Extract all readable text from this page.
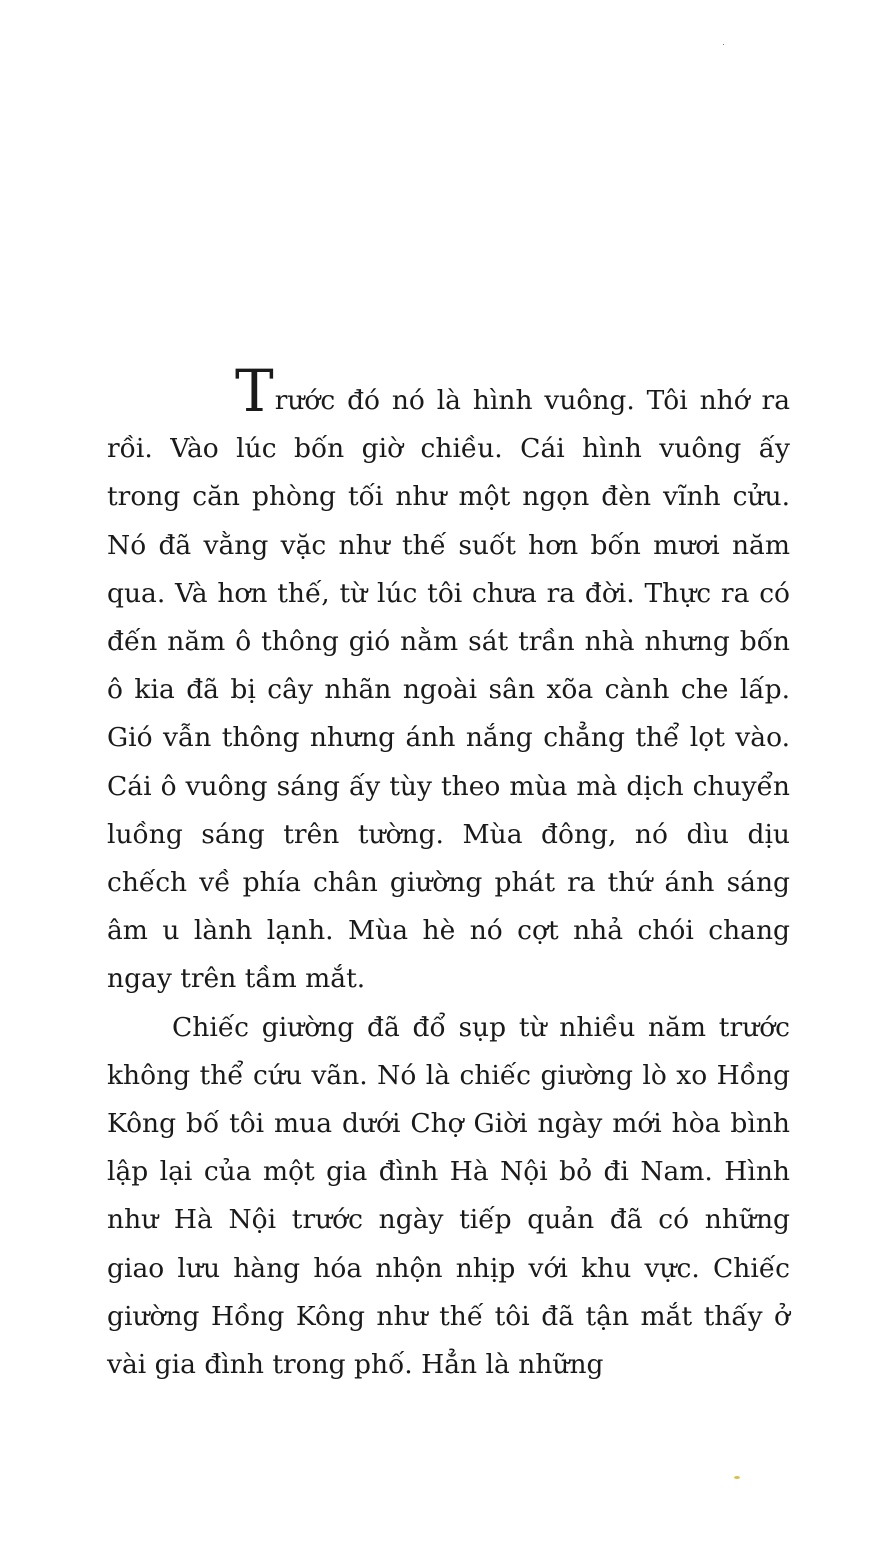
Trước đó nó là hình vuông. Tôi nhớ ra rồi. Vào lúc bốn giờ chiều. Cái hình vuông ấy trong căn phòng tối như một ngọn đèn vĩnh cửu. Nó đã vằng vặc như thế suốt hơn bốn mươi năm qua. Và hơn thế, từ lúc tôi chưa ra đời. Thực ra có đến năm ô thông gió nằm sát trần nhà nhưng bốn ô kia đã bị cây nhãn ngoài sân xõa cành che lấp. Gió vẫn thông nhưng ánh nắng chẳng thể lọt vào. Cái ô vuông sáng ấy tùy theo mùa mà dịch chuyển luồng sáng trên tường. Mùa đông, nó dìu dịu chếch về phía chân giường phát ra thứ ánh sáng âm u lành lạnh. Mùa hè nó cợt nhả chói chang ngay trên tầm mắt.

Chiếc giường đã đổ sụp từ nhiều năm trước không thể cứu vãn. Nó là chiếc giường lò xo Hồng Kông bố tôi mua dưới Chợ Giời ngày mới hòa bình lập lại của một gia đình Hà Nội bỏ đi Nam. Hình như Hà Nội trước ngày tiếp quản đã có những giao lưu hàng hóa nhộn nhịp với khu vực. Chiếc giường Hồng Kông như thế tôi đã tận mắt thấy ở vài gia đình trong phố. Hẳn là những
